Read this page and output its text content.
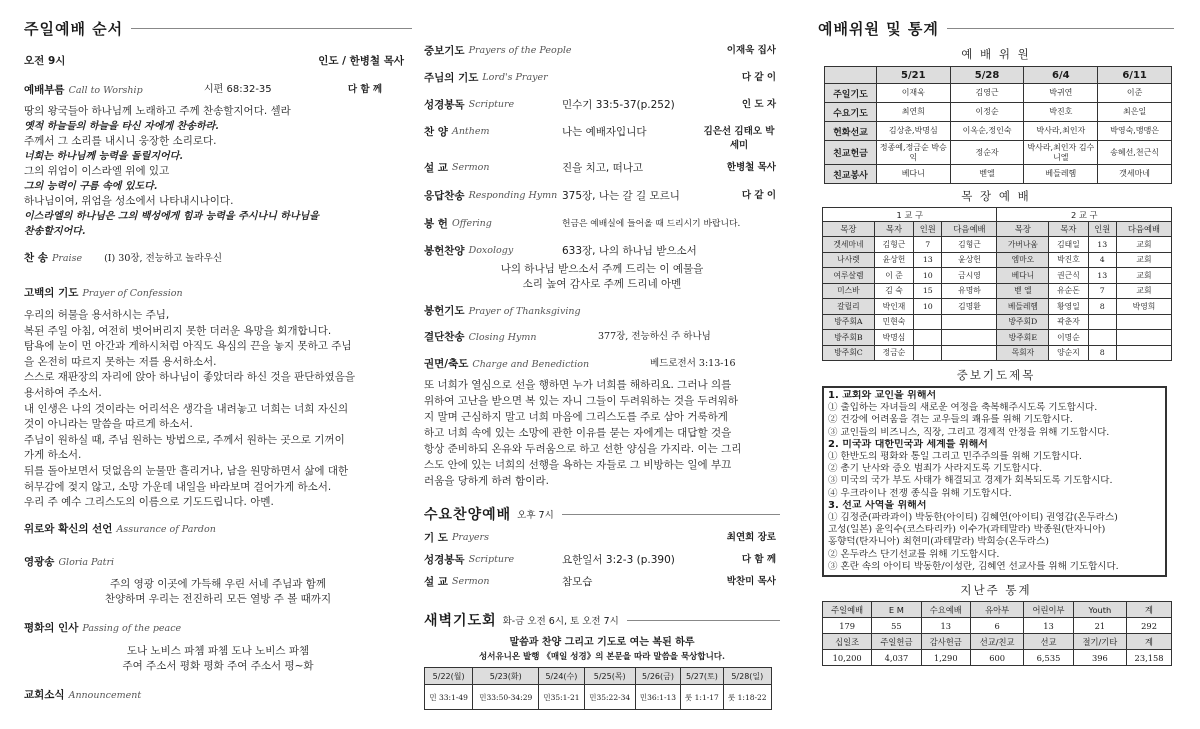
주일예배 순서
오전 9시	인도 / 한병철 목사
예배부름 Call to Worship	시편 68:32-35	다 함 께
땅의 왕국들아 하나님께 노래하고 주께 찬송할지어다. 셀라
옛적 하늘들의 하늘을 타신 자에게 찬송하라.
주께서 그 소리를 내시니 웅장한 소리로다.
너희는 하나님께 능력을 돌릴지어다.
그의 위엄이 이스라엘 위에 있고
그의 능력이 구름 속에 있도다.
하나님이여, 위엄을 성소에서 나타내시나이다.
이스라엘의 하나님은 그의 백성에게 힘과 능력을 주시나니 하나님을
찬송할지어다.
찬 송 Praise (I) 30장, 전능하고 놀라우신
고백의 기도 Prayer of Confession
우리의 허물을 용서하시는 주님,
복된 주일 아침, 여전히 벗어버리지 못한 더러운 욕망을 회개합니다.
탐욕에 눈이 먼 아간과 게하시처럼 아직도 욕심의 끈을 놓지 못하고 주님
을 온전히 따르지 못하는 저를 용서하소서.
스스로 재판장의 자리에 앉아 하나님이 좋았더라 하신 것을 판단하였음을
용서하여 주소서.
내 인생은 나의 것이라는 어리석은 생각을 내려놓고 너희는 너희 자신의
것이 아니라는 말씀을 따르게 하소서.
주님이 원하실 때, 주님 원하는 방법으로, 주께서 원하는 곳으로 기꺼이
가게 하소서.
뒤를 돌아보면서 덧없음의 눈물만 흘리거나, 남을 원망하면서 삶에 대한
허무감에 젖지 않고, 소망 가운데 내일을 바라보며 걸어가게 하소서.
우리 주 예수 그리스도의 이름으로 기도드립니다. 아멘.
위로와 확신의 선언 Assurance of Pardon
영광송 Gloria Patri
주의 영광 이곳에 가득해 우린 서네 주님과 함께
찬양하며 우리는 전진하리 모든 열방 주 볼 때까지
평화의 인사 Passing of the peace
도나 노비스 파쳄 파쳄 도나 노비스 파쳄
주여 주소서 평화 평화 주여 주소서 평~화
교회소식 Announcement
중보기도 Prayers of the People	이재욱 집사
주님의 기도 Lord's Prayer	다 같 이
성경봉독 Scripture	민수기 33:5-37(p.252)	인 도 자
찬 양 Anthem	나는 예배자입니다	김은선 김태오 박세미
설 교 Sermon	진을 치고, 떠나고	한병철 목사
응답찬송 Responding Hymn 375장, 나는 갈 길 모르니	다 같 이
봉 헌 Offering	헌금은 예배실에 들어올 때 드리시기 바랍니다.
봉헌찬양 Doxology	633장, 나의 하나님 받으소서
나의 하나님 받으소서 주께 드리는 이 예물을
소리 높여 감사로 주께 드리네 아멘
봉헌기도 Prayer of Thanksgiving
결단찬송 Closing Hymn	377장, 전능하신 주 하나님
권면/축도 Charge and Benediction	베드로전서 3:13-16
또 너희가 열심으로 선을 행하면 누가 너희를 해하리요. 그러나 의를
위하여 고난을 받으면 복 있는 자니 그들이 두려워하는 것을 두려워하
지 말며 근심하지 말고 너희 마음에 그리스도를 주로 삼아 거룩하게
하고 너희 속에 있는 소망에 관한 이유를 묻는 자에게는 대답할 것을
항상 준비하되 온유와 두려움으로 하고 선한 양심을 가지라. 이는 그리
스도 안에 있는 너희의 선행을 욕하는 자들로 그 비방하는 일에 부끄
러움을 당하게 하려 함이라.
수요찬양예배 오후 7시
기 도 Prayers	최연희 장로
성경봉독 Scripture	요한일서 3:2-3 (p.390)	다 함 께
설 교 Sermon	참모습	박찬미 목사
새벽기도회 화-금 오전 6시, 토 오전 7시
말씀과 찬양 그리고 기도로 여는 복된 하루
성서유니온 발행 《매일 성경》의 본문을 따라 말씀을 묵상합니다.
5/22(월)	5/23(화)	5/24(수)	5/25(목)	5/26(금)	5/27(토)	5/28(일)
민 33:1-49	민33:50-34:29	민35:1-21	민35:22-34	민36:1-13	룻 1:1-17	룻 1:18-22
예배위원 및 통계
예 배 위 원
	5/21	5/28	6/4	6/11
주일기도	이재욱	김영근	박귀연	이준
수요기도	최연희	이정순	박진호	최은일
헌화선교	김상춘,박명심	이옥순,정인숙	박사라,최인자	박영숙,맹맹은
친교헌금	정종예,정금순 박승익	정순자	박사라,최인자 김수니엘	송혜선,천근식
친교봉사	베다니	벧엘	베들레헴	갯세마네
목 장 예 배
1 교 구				2 교 구			
목장	목자	인원	다음예배	목장	목자	인원	다음예배
겟세마네	김형근	7	김형근	가버나움	김태일	13	교회
나사렛	윤상헌	13	윤상헌	엠마오	박진호	4	교회
여루살렘	이 준	10	금시영	베다니	권근식	13	교회
미스바	김 숙	15	유명하	벧 엘	유순돈	7	교회
갈릴리	박인재	10	김명환	베들레헴	황영일	8	박영희
방주회A	민현숙			방주회D	곽춘자		
방주회B	박명심			방주회E	이명순		
방주회C	정금순			목회자	양순지	8	
중보기도제목
1. 교회와 교인을 위해서
① 출입하는 자녀들의 새로운 여정을 축복해주시도록 기도합시다.
② 건강에 어려움을 겪는 교우들의 쾌유를 위해 기도합시다.
③ 교인들의 비즈니스, 직장, 그리고 경제적 안정을 위해 기도합시다.
2. 미국과 대한민국과 세계를 위해서
① 한반도의 평화와 통일 그리고 민주주의를 위해 기도합시다.
② 총기 난사와 증오 범죄가 사라지도록 기도합시다.
③ 미국의 국가 부도 사태가 해결되고 경제가 회복되도록 기도합시다.
④ 우크라이나 전쟁 종식을 위해 기도합시다.
3. 선교 사역을 위해서
① 김정준(파라과이) 박동한(아이티) 김혜연(아이티) 권영갑(온두라스)
고성(일본) 윤익수(코스타리카) 이수가(과테말라) 박종원(탄자니아)
홍향덕(탄자니아) 최현미(과테말라) 박희승(온두라스)
② 온두라스 단기선교를 위해 기도합시다.
③ 혼란 속의 아이티 박동한/이성란, 김혜연 선교사를 위해 기도합시다.
지난주 통계
주일예배	E M	수요예배	유아부	어린이부	Youth	계
179	55	13	6	13	21	292
십일조	주일헌금	감사헌금	선교/친교	선교	절기/기타	계
10,200	4,037	1,290	600	6,535	396	23,158
